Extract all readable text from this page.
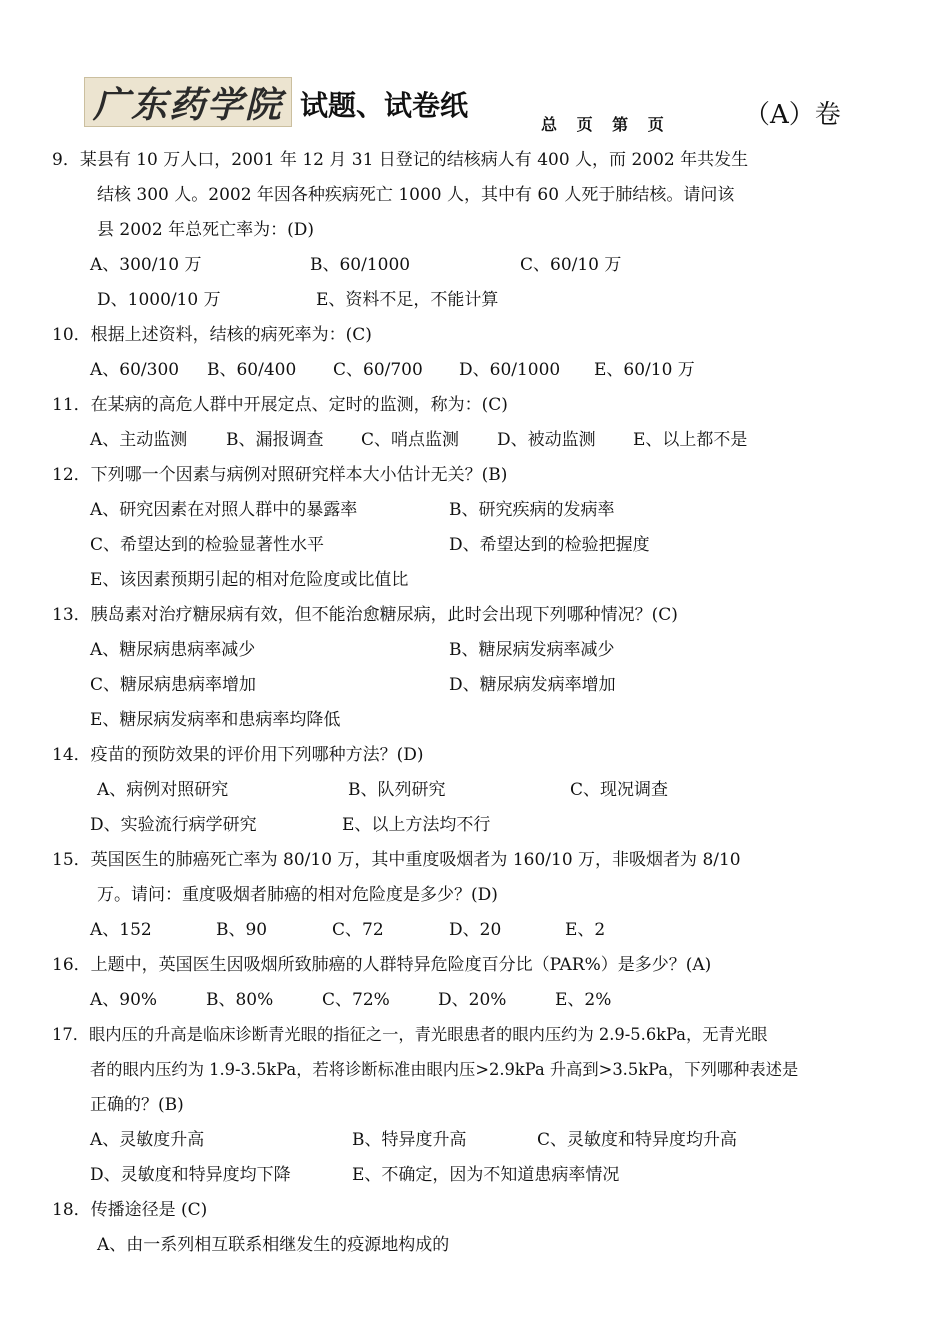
广东药学院 试题、试卷纸
总 页 第 页	（A）卷
9．某县有 10 万人口，2001 年 12 月 31 日登记的结核病人有 400 人，而 2002 年共发生
结核 300 人。2002 年因各种疾病死亡 1000 人，其中有 60 人死于肺结核。请问该
县 2002 年总死亡率为：(D)
A、300/10 万	B、60/1000	C、60/10 万
D、1000/10 万	E、资料不足，不能计算
10．根据上述资料，结核的病死率为：(C)
A、60/300 B、60/400 C、60/700 D、60/1000 E、60/10 万
11．在某病的高危人群中开展定点、定时的监测，称为：(C)
A、主动监测 B、漏报调查 C、哨点监测 D、被动监测 E、以上都不是
12．下列哪一个因素与病例对照研究样本大小估计无关？(B)
A、研究因素在对照人群中的暴露率	B、研究疾病的发病率
C、希望达到的检验显著性水平	D、希望达到的检验把握度
E、该因素预期引起的相对危险度或比值比
13．胰岛素对治疗糖尿病有效，但不能治愈糖尿病，此时会出现下列哪种情况？(C)
A、糖尿病患病率减少	B、糖尿病发病率减少
C、糖尿病患病率增加	D、糖尿病发病率增加
E、糖尿病发病率和患病率均降低
14．疫苗的预防效果的评价用下列哪种方法？(D)
A、病例对照研究	B、队列研究	C、现况调查
D、实验流行病学研究	E、以上方法均不行
15．英国医生的肺癌死亡率为 80/10 万，其中重度吸烟者为 160/10 万，非吸烟者为 8/10
万。请问：重度吸烟者肺癌的相对危险度是多少？(D)
A、152	B、90	C、72	D、20	E、2
16．上题中，英国医生因吸烟所致肺癌的人群特异危险度百分比（PAR%）是多少？(A)
A、90%	B、80%	C、72%	D、20%	E、2%
17．眼内压的升高是临床诊断青光眼的指征之一，青光眼患者的眼内压约为 2.9-5.6kPa，无青光眼
者的眼内压约为 1.9-3.5kPa，若将诊断标准由眼内压>2.9kPa 升高到>3.5kPa，下列哪种表述是
正确的？(B)
A、灵敏度升高	B、特异度升高	C、灵敏度和特异度均升高
D、灵敏度和特异度均下降	E、不确定，因为不知道患病率情况
18．传播途径是 (C)
A、由一系列相互联系相继发生的疫源地构成的
